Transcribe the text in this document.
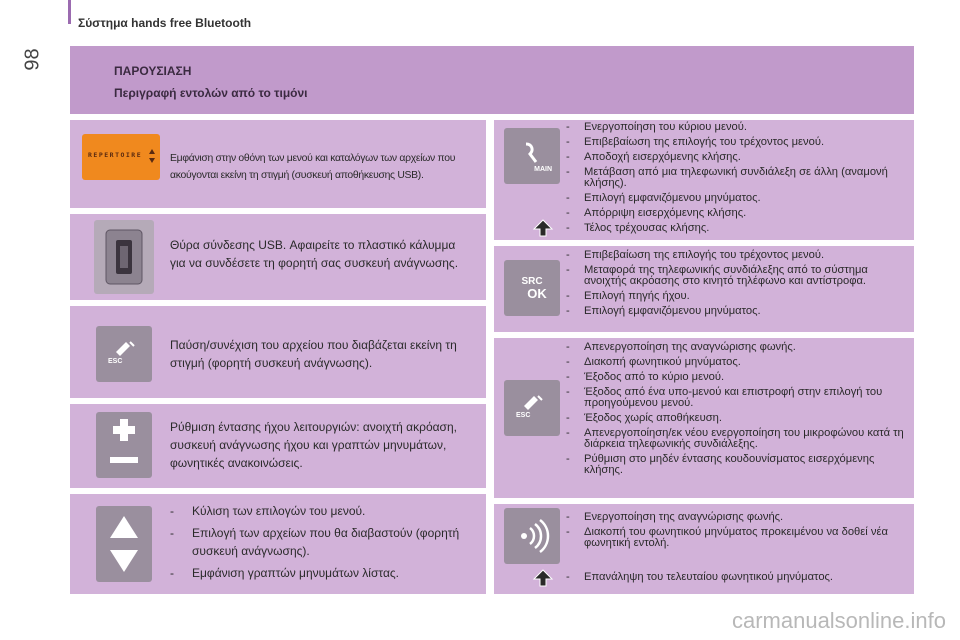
98
Σύστημα hands free Bluetooth
ΠΑΡΟΥΣΙΑΣΗ
Περιγραφή εντολών από το τιμόνι
REPERTOIRE	Εμφάνιση στην οθόνη των μενού και καταλόγων των αρχείων που ακούγονται εκείνη τη στιγμή (συσκευή αποθήκευσης USB).
Θύρα σύνδεσης USB. Αφαιρείτε το πλαστικό κάλυμμα για να συνδέσετε τη φορητή σας συσκευή ανάγνωσης.
ESC
Παύση/συνέχιση του αρχείου που διαβάζεται εκείνη τη στιγμή (φορητή συσκευή ανάγνωσης).
Ρύθμιση έντασης ήχου λειτουργιών: ανοιχτή ακρόαση, συσκευή ανάγνωσης ήχου και γραπτών μηνυμάτων, φωνητικές ανακοινώσεις.
- Κύλιση των επιλογών του μενού.
- Επιλογή των αρχείων που θα διαβαστούν (φορητή συσκευή ανάγνωσης).
- Εμφάνιση γραπτών μηνυμάτων λίστας.
MAIN
- Ενεργοποίηση του κύριου μενού.
- Επιβεβαίωση της επιλογής του τρέχοντος μενού.
- Αποδοχή εισερχόμενης κλήσης.
- Μετάβαση από μια τηλεφωνική συνδιάλεξη σε άλλη (αναμονή κλήσης).
- Επιλογή εμφανιζόμενου μηνύματος.
- Απόρριψη εισερχόμενης κλήσης.
- Τέλος τρέχουσας κλήσης.
SRC
OK
- Επιβεβαίωση της επιλογής του τρέχοντος μενού.
- Μεταφορά της τηλεφωνικής συνδιάλεξης από το σύστημα ανοιχτής ακρόασης στο κινητό τηλέφωνο και αντίστροφα.
- Επιλογή πηγής ήχου.
- Επιλογή εμφανιζόμενου μηνύματος.
ESC
- Απενεργοποίηση της αναγνώρισης φωνής.
- Διακοπή φωνητικού μηνύματος.
- Έξοδος από το κύριο μενού.
- Έξοδος από ένα υπο-μενού και επιστροφή στην επιλογή του προηγούμενου μενού.
- Έξοδος χωρίς αποθήκευση.
- Απενεργοποίηση/εκ νέου ενεργοποίηση του μικροφώνου κατά τη διάρκεια τηλεφωνικής συνδιάλεξης.
- Ρύθμιση στο μηδέν έντασης κουδουνίσματος εισερχόμενης κλήσης.
- Ενεργοποίηση της αναγνώρισης φωνής.
- Διακοπή του φωνητικού μηνύματος προκειμένου να δοθεί νέα φωνητική εντολή.
- Επανάληψη του τελευταίου φωνητικού μηνύματος.
carmanualsonline.info
